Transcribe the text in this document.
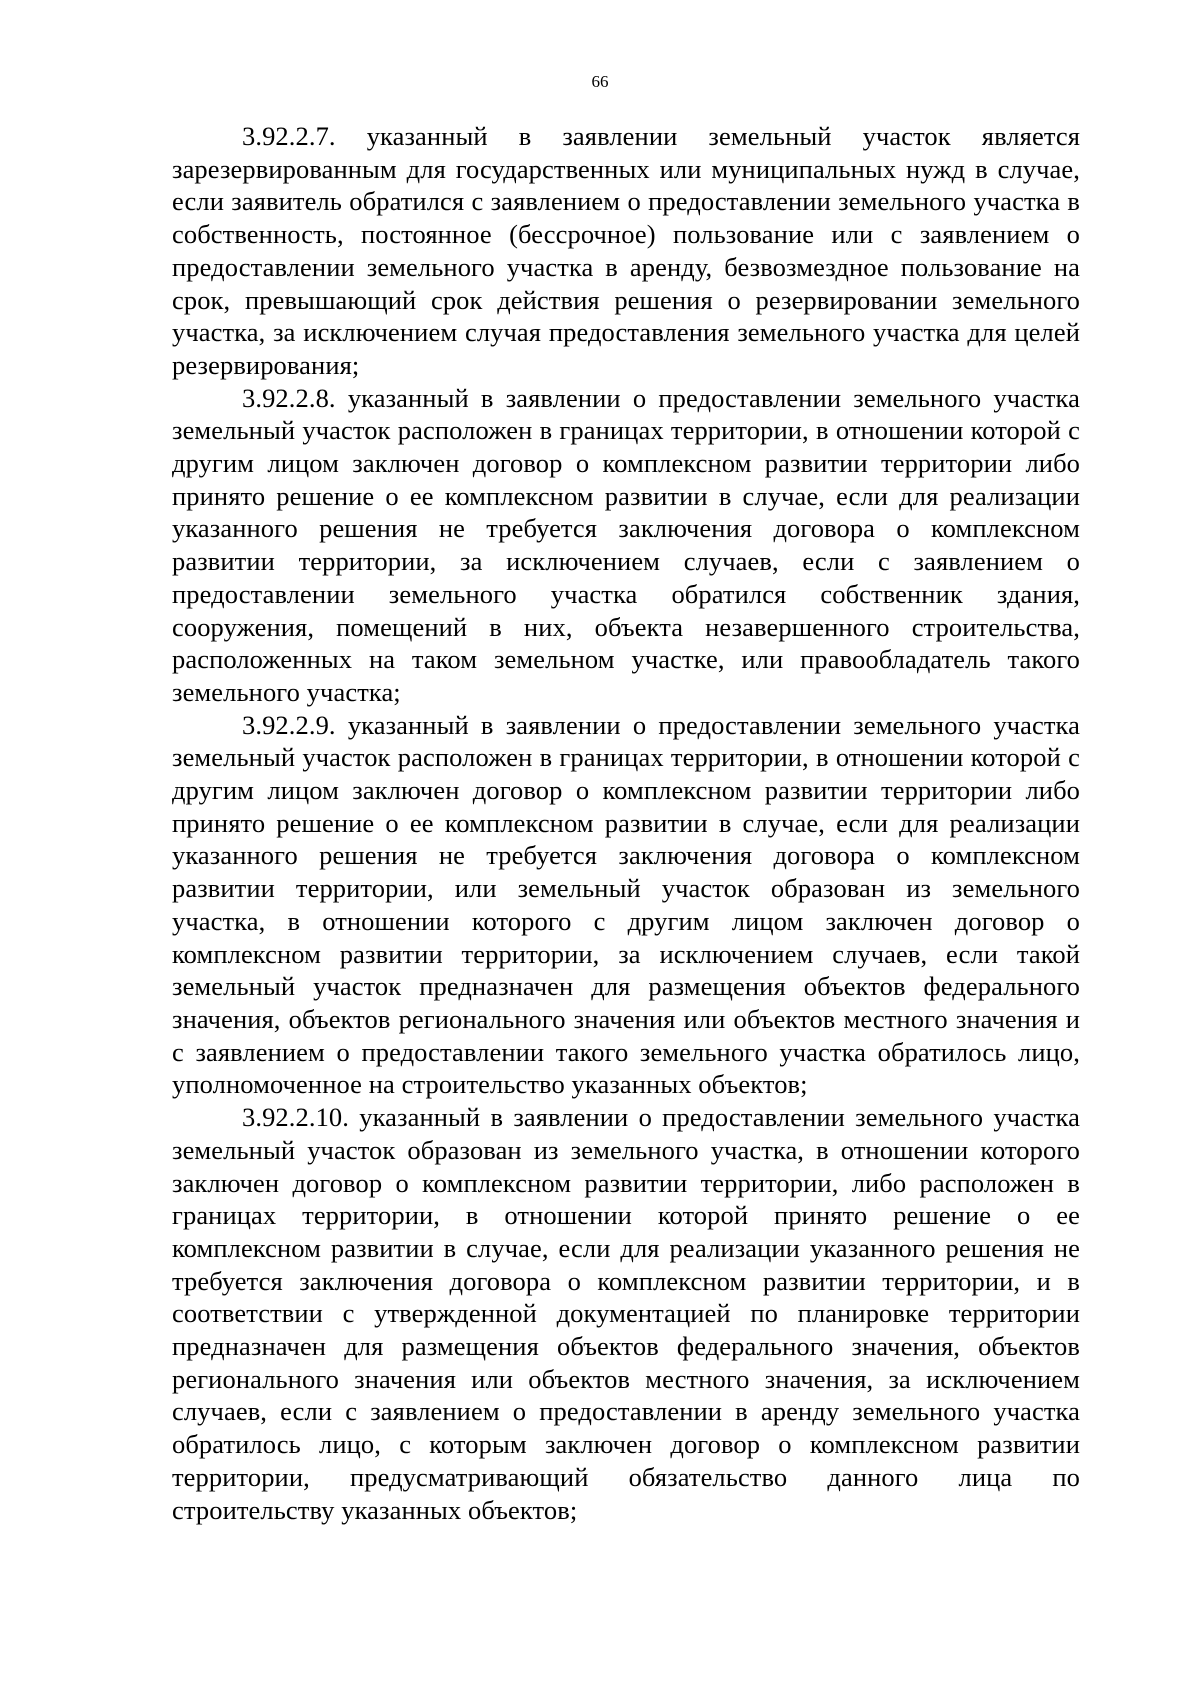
66

3.92.2.7. указанный в заявлении земельный участок является зарезервированным для государственных или муниципальных нужд в случае, если заявитель обратился с заявлением о предоставлении земельного участка в собственность, постоянное (бессрочное) пользование или с заявлением о предоставлении земельного участка в аренду, безвозмездное пользование на срок, превышающий срок действия решения о резервировании земельного участка, за исключением случая предоставления земельного участка для целей резервирования;

3.92.2.8. указанный в заявлении о предоставлении земельного участка земельный участок расположен в границах территории, в отношении которой с другим лицом заключен договор о комплексном развитии территории либо принято решение о ее комплексном развитии в случае, если для реализации указанного решения не требуется заключения договора о комплексном развитии территории, за исключением случаев, если с заявлением о предоставлении земельного участка обратился собственник здания, сооружения, помещений в них, объекта незавершенного строительства, расположенных на таком земельном участке, или правообладатель такого земельного участка;

3.92.2.9. указанный в заявлении о предоставлении земельного участка земельный участок расположен в границах территории, в отношении которой с другим лицом заключен договор о комплексном развитии территории либо принято решение о ее комплексном развитии в случае, если для реализации указанного решения не требуется заключения договора о комплексном развитии территории, или земельный участок образован из земельного участка, в отношении которого с другим лицом заключен договор о комплексном развитии территории, за исключением случаев, если такой земельный участок предназначен для размещения объектов федерального значения, объектов регионального значения или объектов местного значения и с заявлением о предоставлении такого земельного участка обратилось лицо, уполномоченное на строительство указанных объектов;

3.92.2.10. указанный в заявлении о предоставлении земельного участка земельный участок образован из земельного участка, в отношении которого заключен договор о комплексном развитии территории, либо расположен в границах территории, в отношении которой принято решение о ее комплексном развитии в случае, если для реализации указанного решения не требуется заключения договора о комплексном развитии территории, и в соответствии с утвержденной документацией по планировке территории предназначен для размещения объектов федерального значения, объектов регионального значения или объектов местного значения, за исключением случаев, если с заявлением о предоставлении в аренду земельного участка обратилось лицо, с которым заключен договор о комплексном развитии территории, предусматривающий обязательство данного лица по строительству указанных объектов;
